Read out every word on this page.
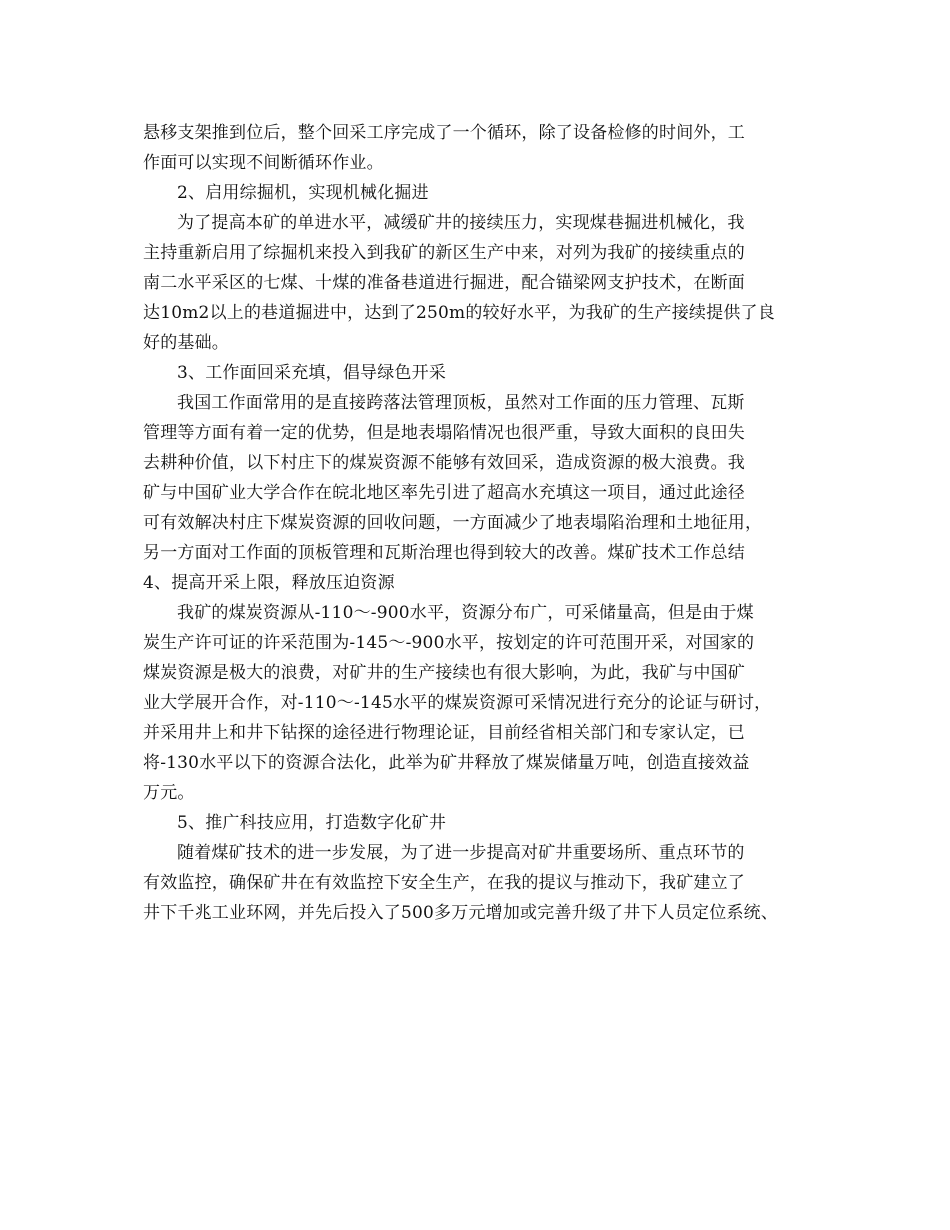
悬移支架推到位后，整个回采工序完成了一个循环，除了设备检修的时间外，工
作面可以实现不间断循环作业。
2、启用综掘机，实现机械化掘进
为了提高本矿的单进水平，减缓矿井的接续压力，实现煤巷掘进机械化，我
主持重新启用了综掘机来投入到我矿的新区生产中来，对列为我矿的接续重点的
南二水平采区的七煤、十煤的准备巷道进行掘进，配合锚梁网支护技术，在断面
达10m2以上的巷道掘进中，达到了250m的较好水平，为我矿的生产接续提供了良
好的基础。
3、工作面回采充填，倡导绿色开采
我国工作面常用的是直接跨落法管理顶板，虽然对工作面的压力管理、瓦斯
管理等方面有着一定的优势，但是地表塌陷情况也很严重，导致大面积的良田失
去耕种价值，以下村庄下的煤炭资源不能够有效回采，造成资源的极大浪费。我
矿与中国矿业大学合作在皖北地区率先引进了超高水充填这一项目，通过此途径
可有效解决村庄下煤炭资源的回收问题，一方面减少了地表塌陷治理和土地征用，
另一方面对工作面的顶板管理和瓦斯治理也得到较大的改善。煤矿技术工作总结
4、提高开采上限，释放压迫资源
我矿的煤炭资源从-110～-900水平，资源分布广，可采储量高，但是由于煤
炭生产许可证的许采范围为-145～-900水平，按划定的许可范围开采，对国家的
煤炭资源是极大的浪费，对矿井的生产接续也有很大影响，为此，我矿与中国矿
业大学展开合作，对-110～-145水平的煤炭资源可采情况进行充分的论证与研讨，
并采用井上和井下钻探的途径进行物理论证，目前经省相关部门和专家认定，已
将-130水平以下的资源合法化，此举为矿井释放了煤炭储量万吨，创造直接效益
万元。
5、推广科技应用，打造数字化矿井
随着煤矿技术的进一步发展，为了进一步提高对矿井重要场所、重点环节的
有效监控，确保矿井在有效监控下安全生产，在我的提议与推动下，我矿建立了
井下千兆工业环网，并先后投入了500多万元增加或完善升级了井下人员定位系统、
